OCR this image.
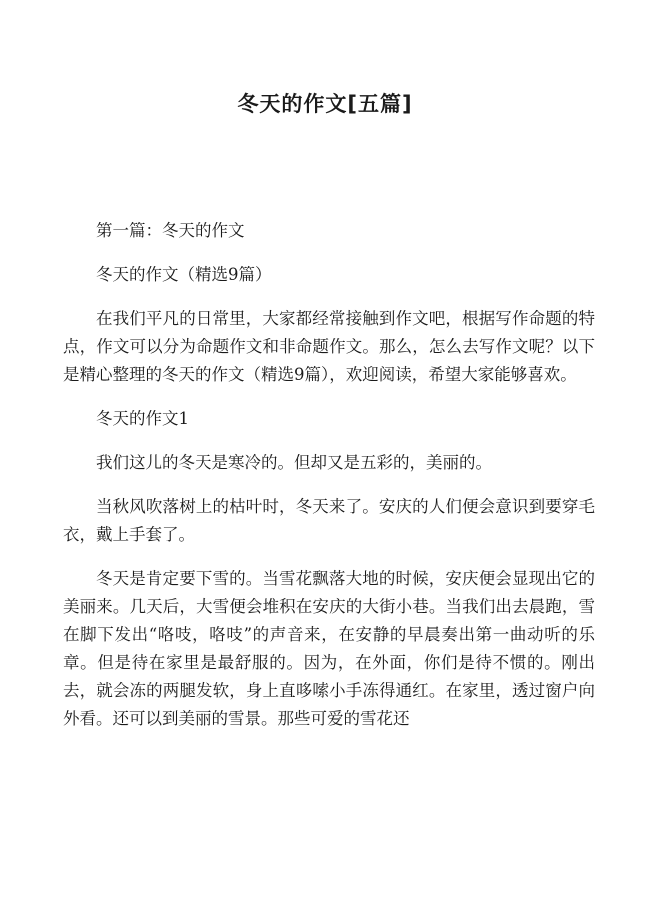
冬天的作文[五篇]

第一篇：冬天的作文

冬天的作文（精选9篇）

在我们平凡的日常里，大家都经常接触到作文吧，根据写作命题的特点，作文可以分为命题作文和非命题作文。那么，怎么去写作文呢？以下是精心整理的冬天的作文（精选9篇），欢迎阅读，希望大家能够喜欢。

冬天的作文1

我们这儿的冬天是寒冷的。但却又是五彩的，美丽的。

当秋风吹落树上的枯叶时，冬天来了。安庆的人们便会意识到要穿毛衣，戴上手套了。

冬天是肯定要下雪的。当雪花飘落大地的时候，安庆便会显现出它的美丽来。几天后，大雪便会堆积在安庆的大街小巷。当我们出去晨跑，雪在脚下发出“咯吱，咯吱”的声音来，在安静的早晨奏出第一曲动听的乐章。但是待在家里是最舒服的。因为，在外面，你们是待不惯的。刚出去，就会冻的两腿发软，身上直哆嗦小手冻得通红。在家里，透过窗户向外看。还可以到美丽的雪景。那些可爱的雪花还
